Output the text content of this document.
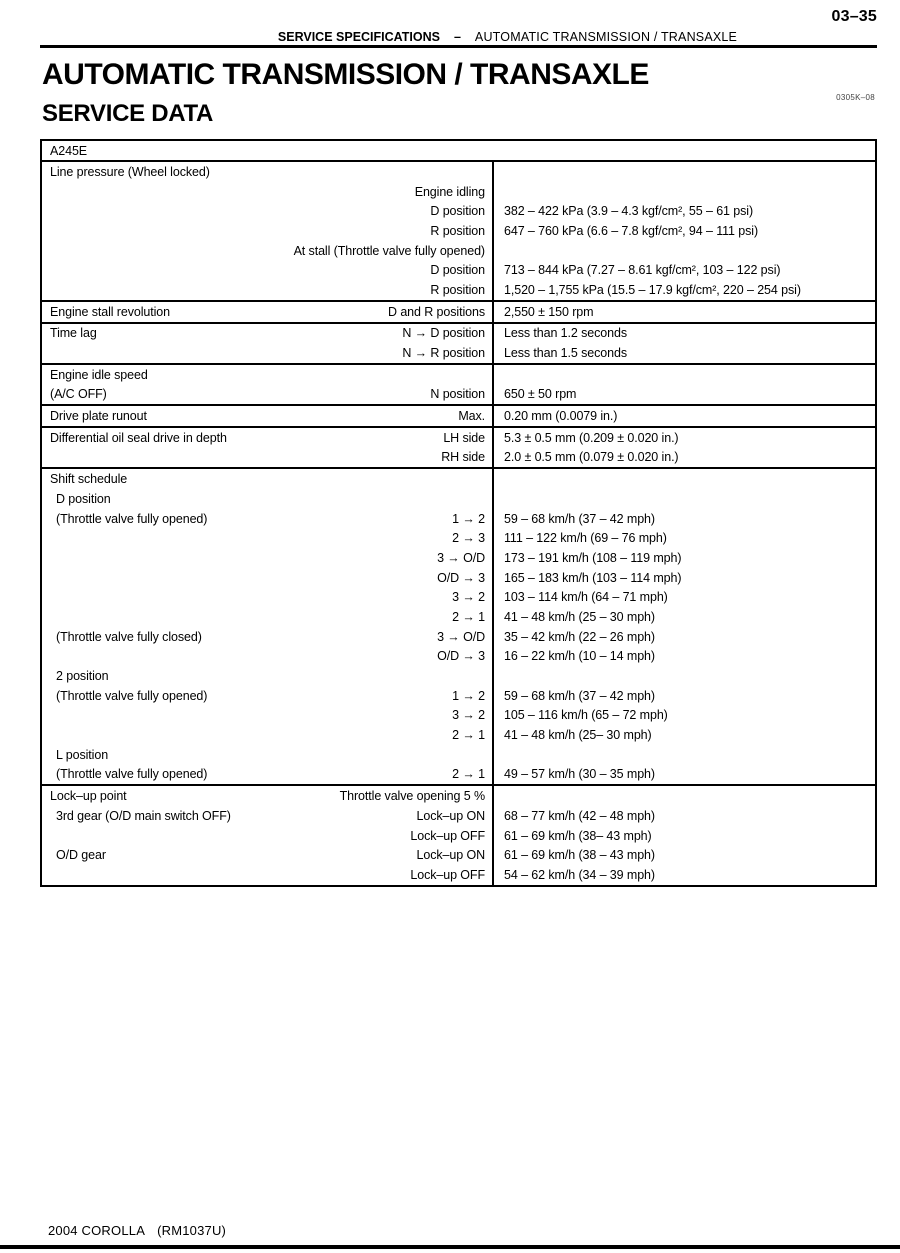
03–35
SERVICE SPECIFICATIONS – AUTOMATIC TRANSMISSION / TRANSAXLE
AUTOMATIC TRANSMISSION / TRANSAXLE
0305K–08
SERVICE DATA
A245E
Line pressure (Wheel locked)
Engine idling
D position	382 – 422 kPa (3.9 – 4.3 kgf/cm², 55 – 61 psi)
R position	647 – 760 kPa (6.6 – 7.8 kgf/cm², 94 – 111 psi)
At stall (Throttle valve fully opened)
D position	713 – 844 kPa (7.27 – 8.61 kgf/cm², 103 – 122 psi)
R position	1,520 – 1,755 kPa (15.5 – 17.9 kgf/cm², 220 – 254 psi)
Engine stall revolution	D and R positions	2,550 ± 150 rpm
Time lag	N → D position	Less than 1.2 seconds
N → R position	Less than 1.5 seconds
Engine idle speed
(A/C OFF)	N position	650 ± 50 rpm
Drive plate runout	Max.	0.20 mm (0.0079 in.)
Differential oil seal drive in depth	LH side	5.3 ± 0.5 mm (0.209 ± 0.020 in.)
RH side	2.0 ± 0.5 mm (0.079 ± 0.020 in.)
Shift schedule
D position
(Throttle valve fully opened)	1 → 2	59 – 68 km/h (37 – 42 mph)
2 → 3	111 – 122 km/h (69 – 76 mph)
3 → O/D	173 – 191 km/h (108 – 119 mph)
O/D → 3	165 – 183 km/h (103 – 114 mph)
3 → 2	103 – 114 km/h (64 – 71 mph)
2 → 1	41 – 48 km/h (25 – 30 mph)
(Throttle valve fully closed)	3 → O/D	35 – 42 km/h (22 – 26 mph)
O/D → 3	16 – 22 km/h (10 – 14 mph)
2 position
(Throttle valve fully opened)	1 → 2	59 – 68 km/h (37 – 42 mph)
3 → 2	105 – 116 km/h (65 – 72 mph)
2 → 1	41 – 48 km/h (25– 30 mph)
L position
(Throttle valve fully opened)	2 → 1	49 – 57 km/h (30 – 35 mph)
Lock–up point	Throttle valve opening 5 %
3rd gear (O/D main switch OFF)	Lock–up ON	68 – 77 km/h (42 – 48 mph)
Lock–up OFF	61 – 69 km/h (38– 43 mph)
O/D gear	Lock–up ON	61 – 69 km/h (38 – 43 mph)
Lock–up OFF	54 – 62 km/h (34 – 39 mph)
2004 COROLLA (RM1037U)
